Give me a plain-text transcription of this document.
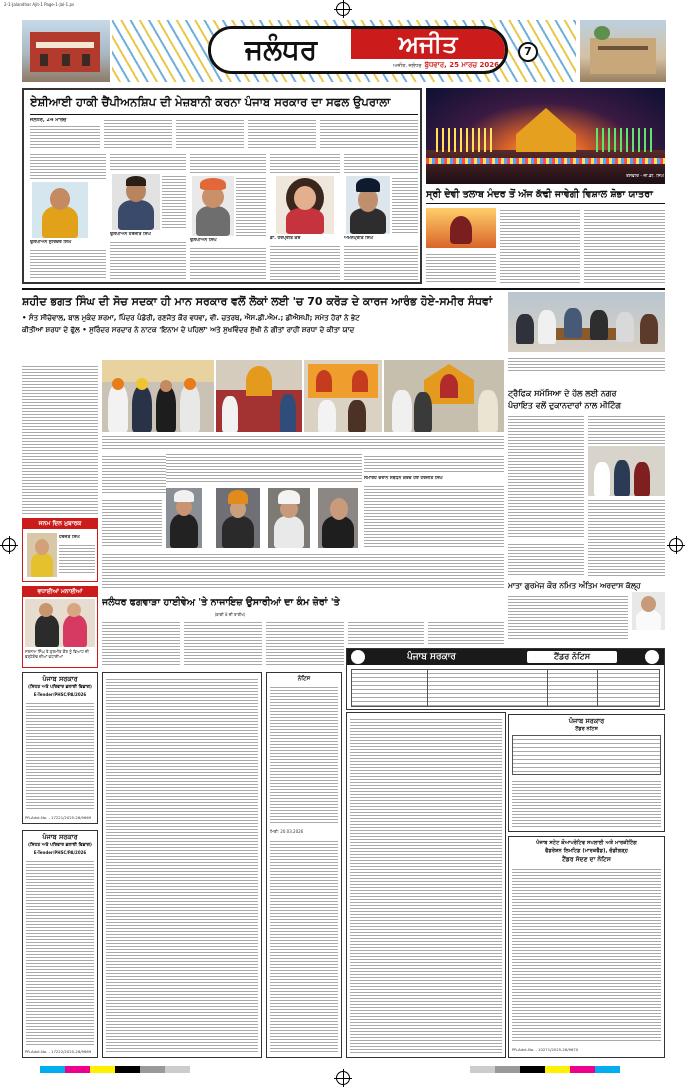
2-1-Jalandhar Ajit-1 Page-1-Jal-1.ps
ਜਲੰਧਰ	ਅਜੀਤ
ਅਜੀਤ, ਜਲੰਧਰ ਬੁੱਧਵਾਰ, 25 ਮਾਰਚ 2026
7
ਏਸ਼ੀਆਈ ਹਾਕੀ ਚੈਂਪੀਅਨਸ਼ਿਪ ਦੀ ਮੇਜ਼ਬਾਨੀ ਕਰਨਾ ਪੰਜਾਬ ਸਰਕਾਰ ਦਾ ਸਫਲ ਉਪਰਾਲਾ
ਜਲੰਧਰ, 24 ਮਾਰਚ
ਉਲੰਪੀਅਨ ਸੁਰਿੰਦਰ ਸਿੰਘ
ਉਲੰਪੀਅਨ ਹਰਜੀਤ ਸਿੰਘ
ਉਲੰਪੀਅਨ ਸਿੰਘ	ਡਾ. ਹਰਪ੍ਰੀਤ ਕੌਰ	ਅਮਨਪ੍ਰੀਤ ਸਿੰਘ
ਤਸਵੀਰ - ਜੀ.ਡੀ. ਸਿੰਘ
ਸ੍ਰੀ ਦੇਵੀ ਤਲਾਬ ਮੰਦਰ ਤੋਂ ਅੱਜ ਕੱਢੀ ਜਾਵੇਗੀ ਵਿਸ਼ਾਲ ਸ਼ੋਭਾ ਯਾਤਰਾ
ਸ਼ਹੀਦ ਭਗਤ ਸਿੰਘ ਦੀ ਸੋਚ ਸਦਕਾ ਹੀ ਮਾਨ ਸਰਕਾਰ ਵਲੋਂ ਲੋਕਾਂ ਲਈ 'ਚ 70 ਕਰੋੜ ਦੇ ਕਾਰਜ ਆਰੰਭ ਹੋਏ-ਸਮੀਰ ਸੰਧਵਾਂ
• ਸੰਤ ਸੀਚੇਵਾਲ, ਬਾਲ ਮੁਕੰਦ ਸ਼ਰਮਾ, ਪਿੰਦਰ ਪੰਡੋਰੀ, ਰਣਜੋਤ ਕੌਰ ਵਧਵਾ, ਵੀ. ਚਤਰਥ, ਐਸ.ਡੀ.ਐਮ.; ਡੀਐਸਪੀ; ਸਮੇਤ ਹੋਰਾਂ ਨੇ ਭੇਟ
ਕੀਤੀਆਂ ਸ਼ਰਧਾ ਦੇ ਫੁੱਲ • ਸੁਰਿੰਦਰ ਸਰਦਾਰ ਨੇ ਨਾਟਕ 'ਇਨਾਮ ਦੇ ਪਹਿਲਾਂ' ਅਤੇ ਸੁਖਵਿੰਦਰ ਸੁੱਖੀ ਨੇ ਗੀਤਾਂ ਰਾਹੀਂ ਸ਼ਰਧਾ ਦੇ ਕੀਤਾ ਯਾਦ
ਟ੍ਰੈਫਿਕ ਸਮੱਸਿਆ ਦੇ ਹੱਲ ਲਈ ਨਗਰ
ਪੰਚਾਇਤ ਵਲੋਂ ਦੁਕਾਨਦਾਰਾਂ ਨਾਲ ਮੀਟਿੰਗ
ਸਮਾਰੋਹ ਦੌਰਾਨ ਸੰਬੋਧਨ ਕਰਦੇ ਹੋਏ ਹਰਜੀਤ ਸਿੰਘ
ਜਨਮ ਦਿਨ ਮੁਬਾਰਕ
ਹਰਜੋਤ ਸਿੰਘ
ਵਧਾਈਆਂ ਮਨਾਈਆਂ
ਸਤਨਾਮ ਸਿੰਘ ਤੇ ਗੁਰਮੀਤ ਕੌਰ ਨੂੰ ਵਿਆਹ ਦੀ ਵਰ੍ਹੇਗੰਢ ਦੀਆਂ ਵਧਾਈਆਂ
ਜਲੰਧਰ ਫਗਵਾੜਾ ਹਾਈਵੇਅ 'ਤੇ ਨਾਜਾਇਜ਼ ਉਸਾਰੀਆਂ ਦਾ ਕੰਮ ਜ਼ੋਰਾਂ 'ਤੇ
(ਬਾਕੀ 8 ਦੀ ਤਾਰੀਖ)
ਮਾਤਾ ਗੁਰਮੇਜ ਕੌਰ ਨਮਿਤ ਅੰਤਿਮ ਅਰਦਾਸ ਕੱਲ੍ਹ
ਪੰਜਾਬ ਸਰਕਾਰ	ਟੈਂਡਰ ਨੋਟਿਸ
ਪੰਜਾਬ ਸਰਕਾਰ
(ਸਿਹਤ ਅਤੇ ਪਰਿਵਾਰ ਭਲਾਈ ਵਿਭਾਗ)
E-Tender/PHSC/PA/2026
PR-Advt.No. - 17221/2025-26/9669
ਪੰਜਾਬ ਸਰਕਾਰ
(ਸਿਹਤ ਅਤੇ ਪਰਿਵਾਰ ਭਲਾਈ ਵਿਭਾਗ)
E-Tender/PHSC/PA/2026
PR-Advt.No. - 17222/2025-26/9669
ਨੋਟਿਸ
ਮਿਤੀ: 20.03.2026
ਪੰਜਾਬ ਸਰਕਾਰ
ਟੈਂਡਰ ਨੋਟਿਸ
ਪੰਜਾਬ ਸਟੇਟ ਕੋਆਪਰੇਟਿਵ ਸਪਲਾਈ ਅਤੇ ਮਾਰਕੀਟਿੰਗ
ਫੈਡਰੇਸ਼ਨ ਲਿਮਟਿਡ (ਮਾਰਕਫੈੱਡ), ਚੰਡੀਗੜ੍ਹ
ਟੈਂਡਰ ਸੱਦਣ ਦਾ ਨੋਟਿਸ
PR-Advt.No. - 10271/2025-26/9670
